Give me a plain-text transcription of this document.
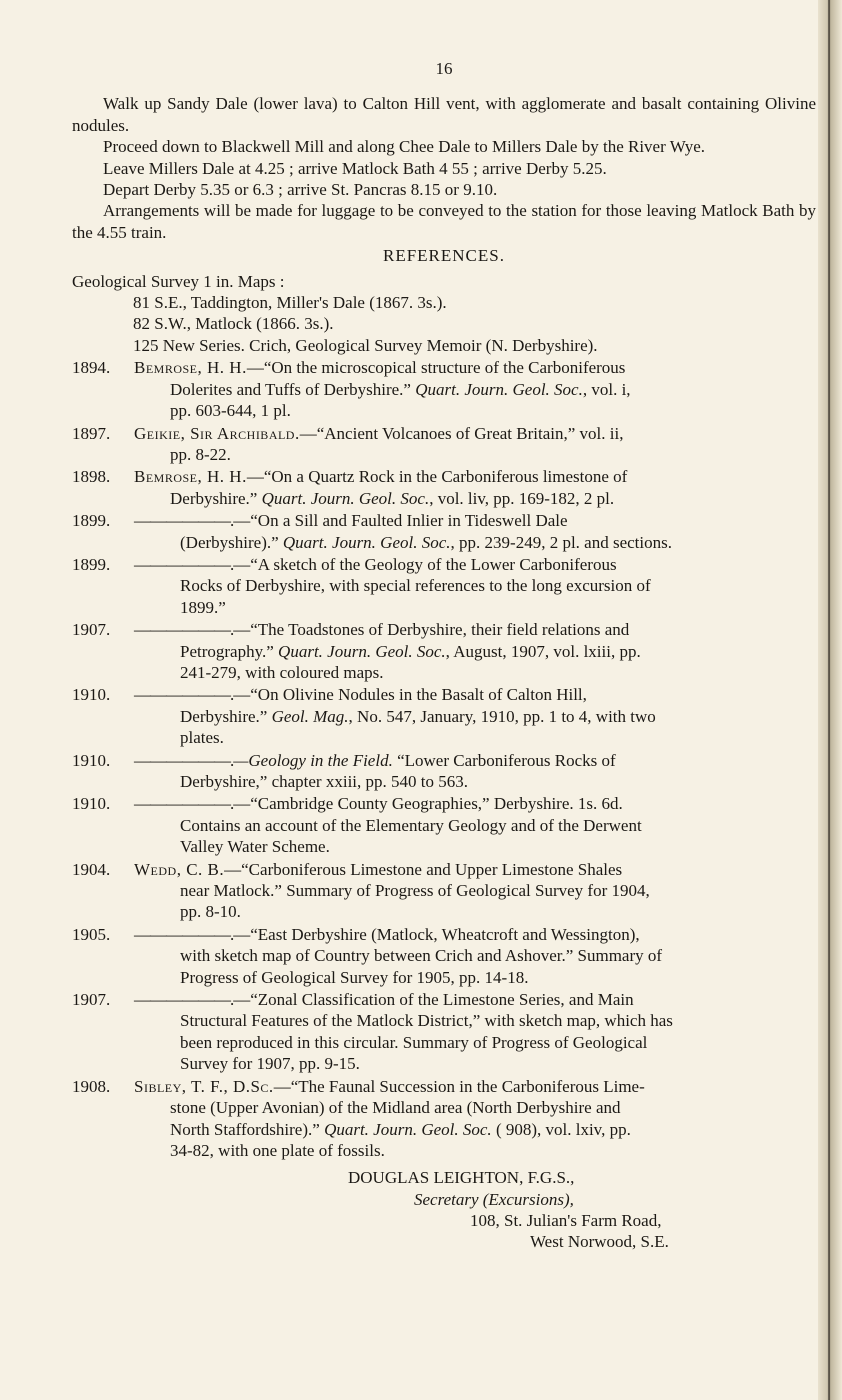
16

Walk up Sandy Dale (lower lava) to Calton Hill vent, with agglomerate and basalt containing Olivine nodules.

Proceed down to Blackwell Mill and along Chee Dale to Millers Dale by the River Wye.

Leave Millers Dale at 4.25 ; arrive Matlock Bath 4 55 ; arrive Derby 5.25.

Depart Derby 5.35 or 6.3 ; arrive St. Pancras 8.15 or 9.10.

Arrangements will be made for luggage to be conveyed to the station for those leaving Matlock Bath by the 4.55 train.

REFERENCES.

Geological Survey 1 in. Maps :

81 S.E., Taddington, Miller's Dale (1867. 3s.).
82 S.W., Matlock (1866. 3s.).
125 New Series. Crich, Geological Survey Memoir (N. Derbyshire).
1894.	Bemrose, H. H.—“On the microscopical structure of the Carboniferous
Dolerites and Tuffs of Derbyshire.” Quart. Journ. Geol. Soc., vol. i,
pp. 603-644, 1 pl.
1897.	Geikie, Sir Archibald.—“Ancient Volcanoes of Great Britain,” vol. ii,
pp. 8-22.
1898.	Bemrose, H. H.—“On a Quartz Rock in the Carboniferous limestone of
Derbyshire.” Quart. Journ. Geol. Soc., vol. liv, pp. 169-182, 2 pl.
1899.	——————.—“On a Sill and Faulted Inlier in Tideswell Dale
(Derbyshire).” Quart. Journ. Geol. Soc., pp. 239-249, 2 pl. and sections.
1899.	——————.—“A sketch of the Geology of the Lower Carboniferous
Rocks of Derbyshire, with special references to the long excursion of
1899.”
1907.	——————.—“The Toadstones of Derbyshire, their field relations and
Petrography.” Quart. Journ. Geol. Soc., August, 1907, vol. lxiii, pp.
241-279, with coloured maps.
1910.	——————.—“On Olivine Nodules in the Basalt of Calton Hill,
Derbyshire.” Geol. Mag., No. 547, January, 1910, pp. 1 to 4, with two
plates.
1910.	——————.—Geology in the Field. “Lower Carboniferous Rocks of
Derbyshire,” chapter xxiii, pp. 540 to 563.
1910.	——————.—“Cambridge County Geographies,” Derbyshire. 1s. 6d.
Contains an account of the Elementary Geology and of the Derwent
Valley Water Scheme.
1904.	Wedd, C. B.—“Carboniferous Limestone and Upper Limestone Shales
near Matlock.” Summary of Progress of Geological Survey for 1904,
pp. 8-10.
1905.	——————.—“East Derbyshire (Matlock, Wheatcroft and Wessington),
with sketch map of Country between Crich and Ashover.” Summary of
Progress of Geological Survey for 1905, pp. 14-18.
1907.	——————.—“Zonal Classification of the Limestone Series, and Main
Structural Features of the Matlock District,” with sketch map, which has
been reproduced in this circular. Summary of Progress of Geological
Survey for 1907, pp. 9-15.
1908.	Sibley, T. F., D.Sc.—“The Faunal Succession in the Carboniferous Lime-
stone (Upper Avonian) of the Midland area (North Derbyshire and
North Staffordshire).” Quart. Journ. Geol. Soc. ( 908), vol. lxiv, pp.
34-82, with one plate of fossils.
DOUGLAS LEIGHTON, F.G.S.,
Secretary (Excursions),
108, St. Julian's Farm Road,
West Norwood, S.E.
